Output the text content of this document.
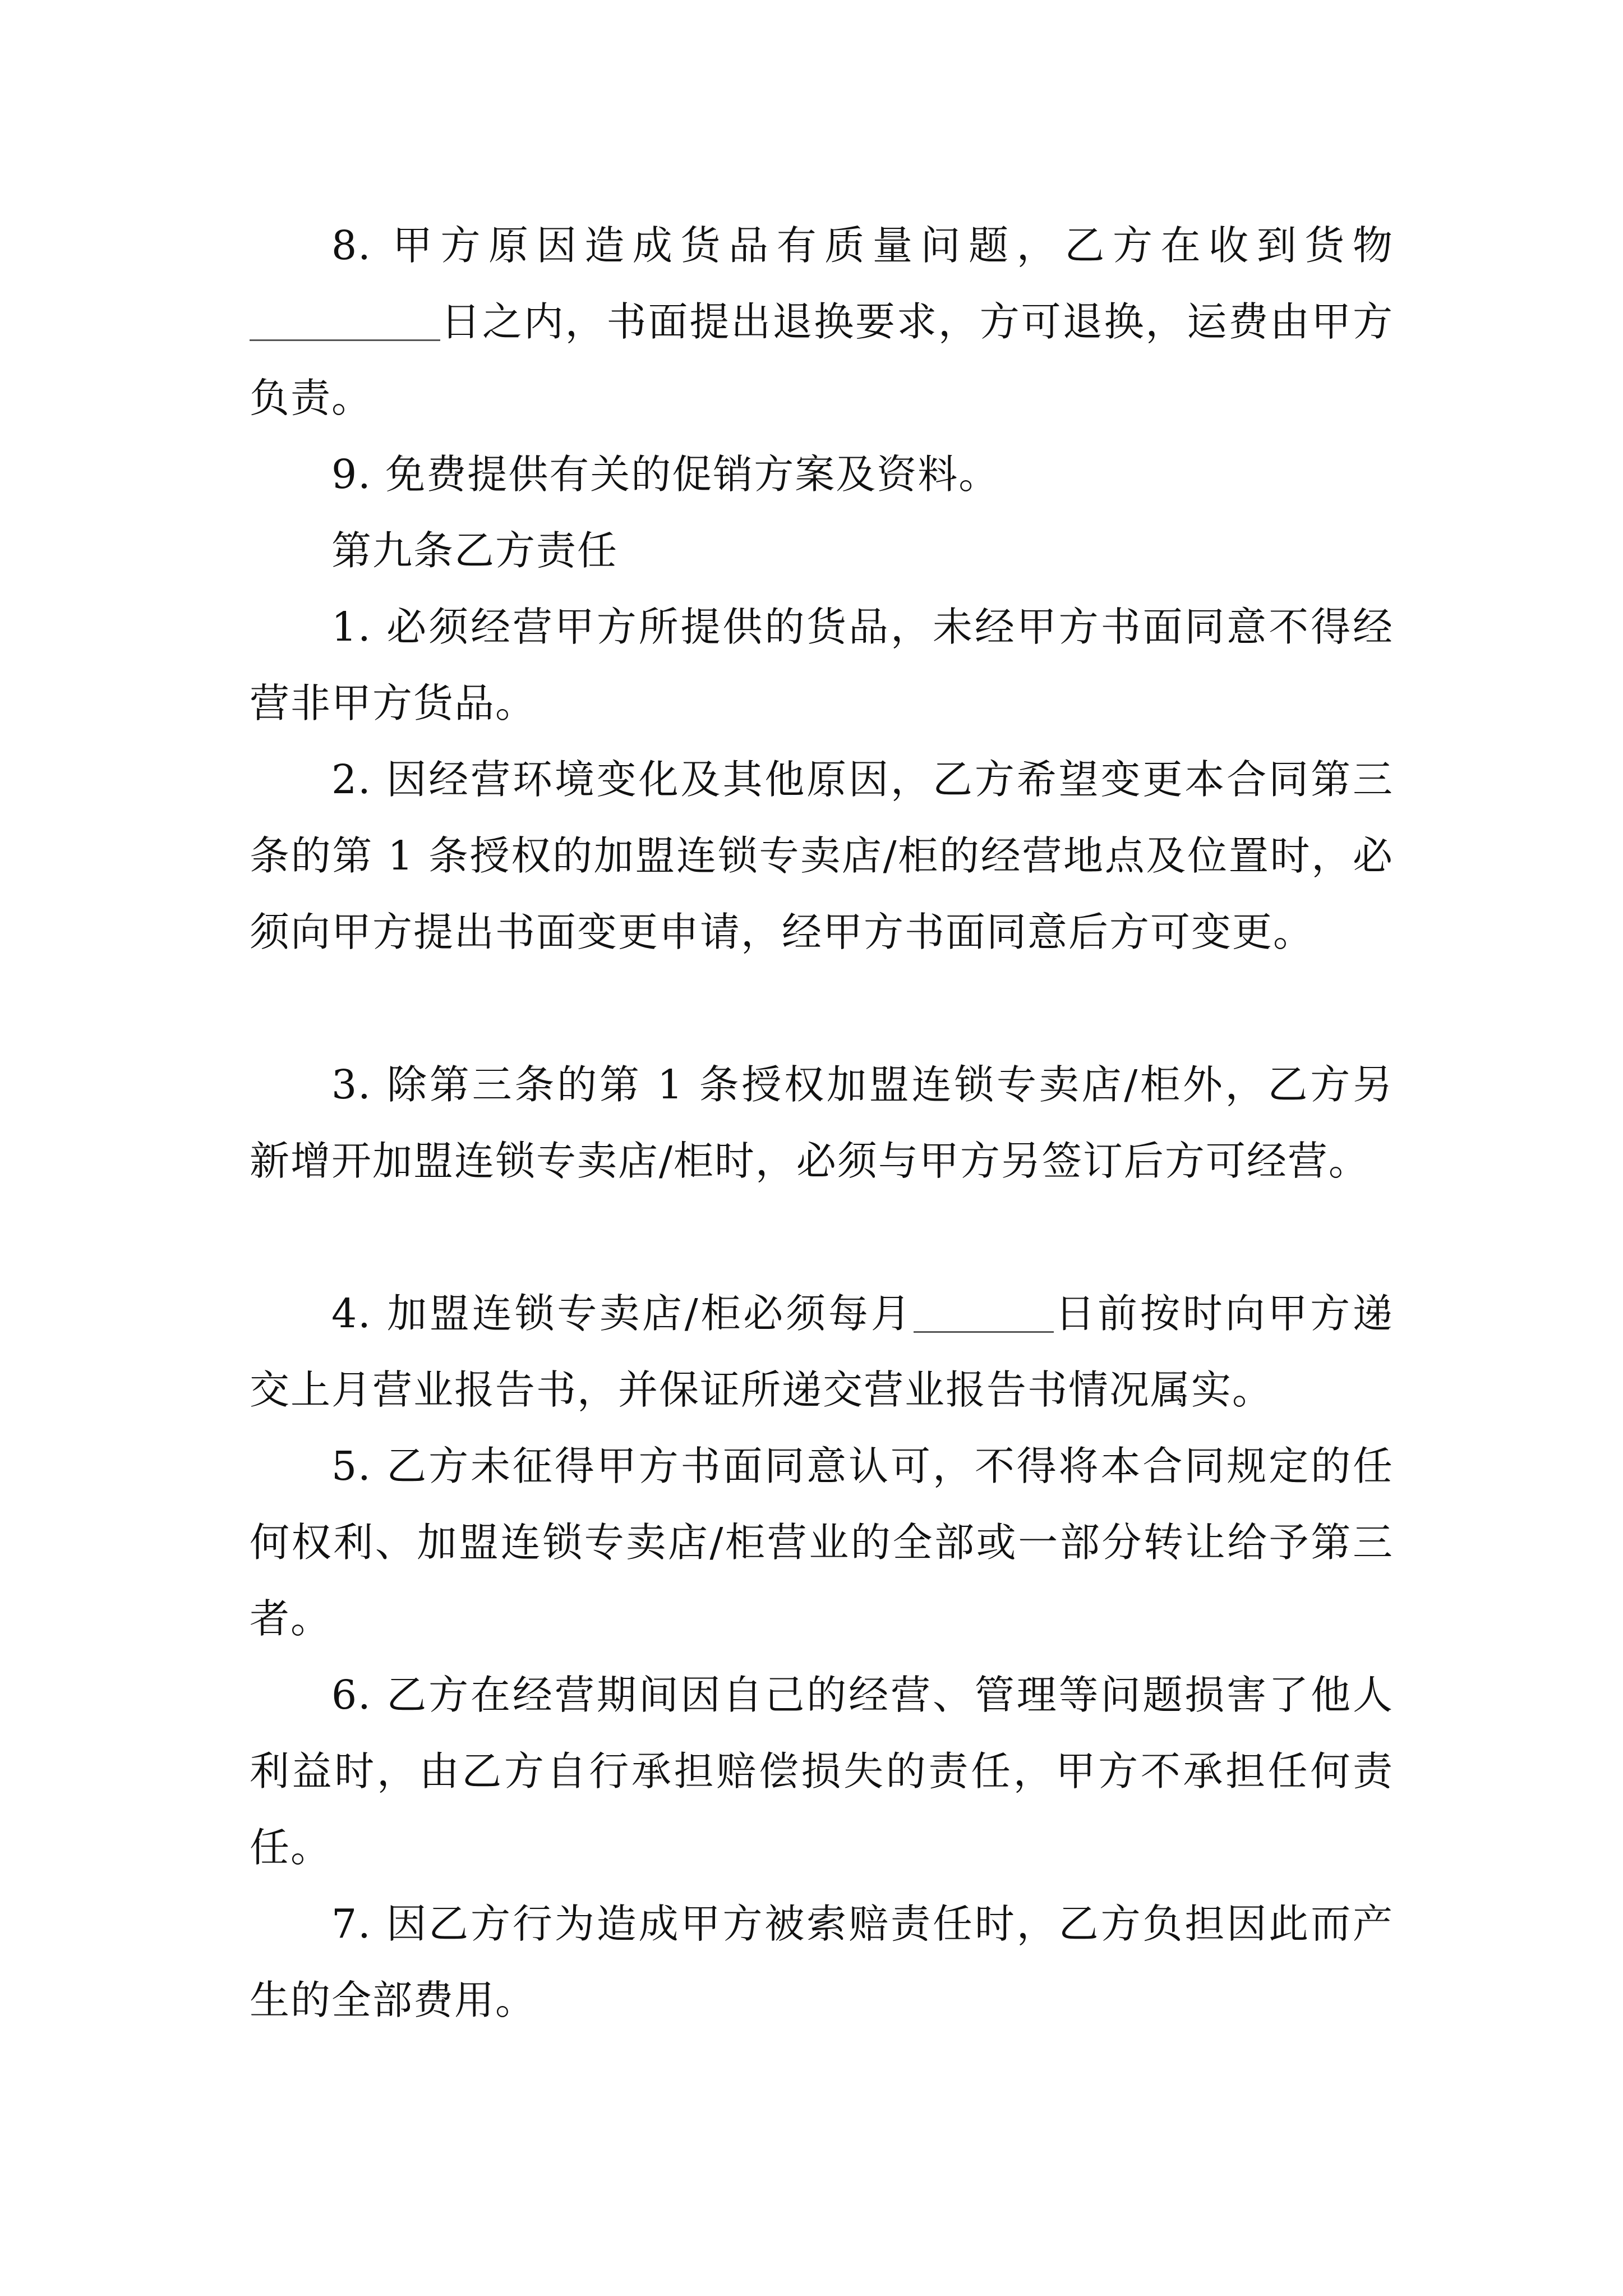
8. 甲方原因造成货品有质量问题，乙方在收到货物日之内，书面提出退换要求，方可退换，运费由甲方负责。

9. 免费提供有关的促销方案及资料。

第九条乙方责任

1. 必须经营甲方所提供的货品，未经甲方书面同意不得经营非甲方货品。

2. 因经营环境变化及其他原因，乙方希望变更本合同第三条的第 1 条授权的加盟连锁专卖店/柜的经营地点及位置时，必须向甲方提出书面变更申请，经甲方书面同意后方可变更。

3. 除第三条的第 1 条授权加盟连锁专卖店/柜外，乙方另新增开加盟连锁专卖店/柜时，必须与甲方另签订后方可经营。

4. 加盟连锁专卖店/柜必须每月	日前按时向甲方递交上月营业报告书，并保证所递交营业报告书情况属实。

5. 乙方未征得甲方书面同意认可，不得将本合同规定的任何权利、加盟连锁专卖店/柜营业的全部或一部分转让给予第三者。

6. 乙方在经营期间因自己的经营、管理等问题损害了他人利益时，由乙方自行承担赔偿损失的责任，甲方不承担任何责任。

7. 因乙方行为造成甲方被索赔责任时，乙方负担因此而产生的全部费用。
